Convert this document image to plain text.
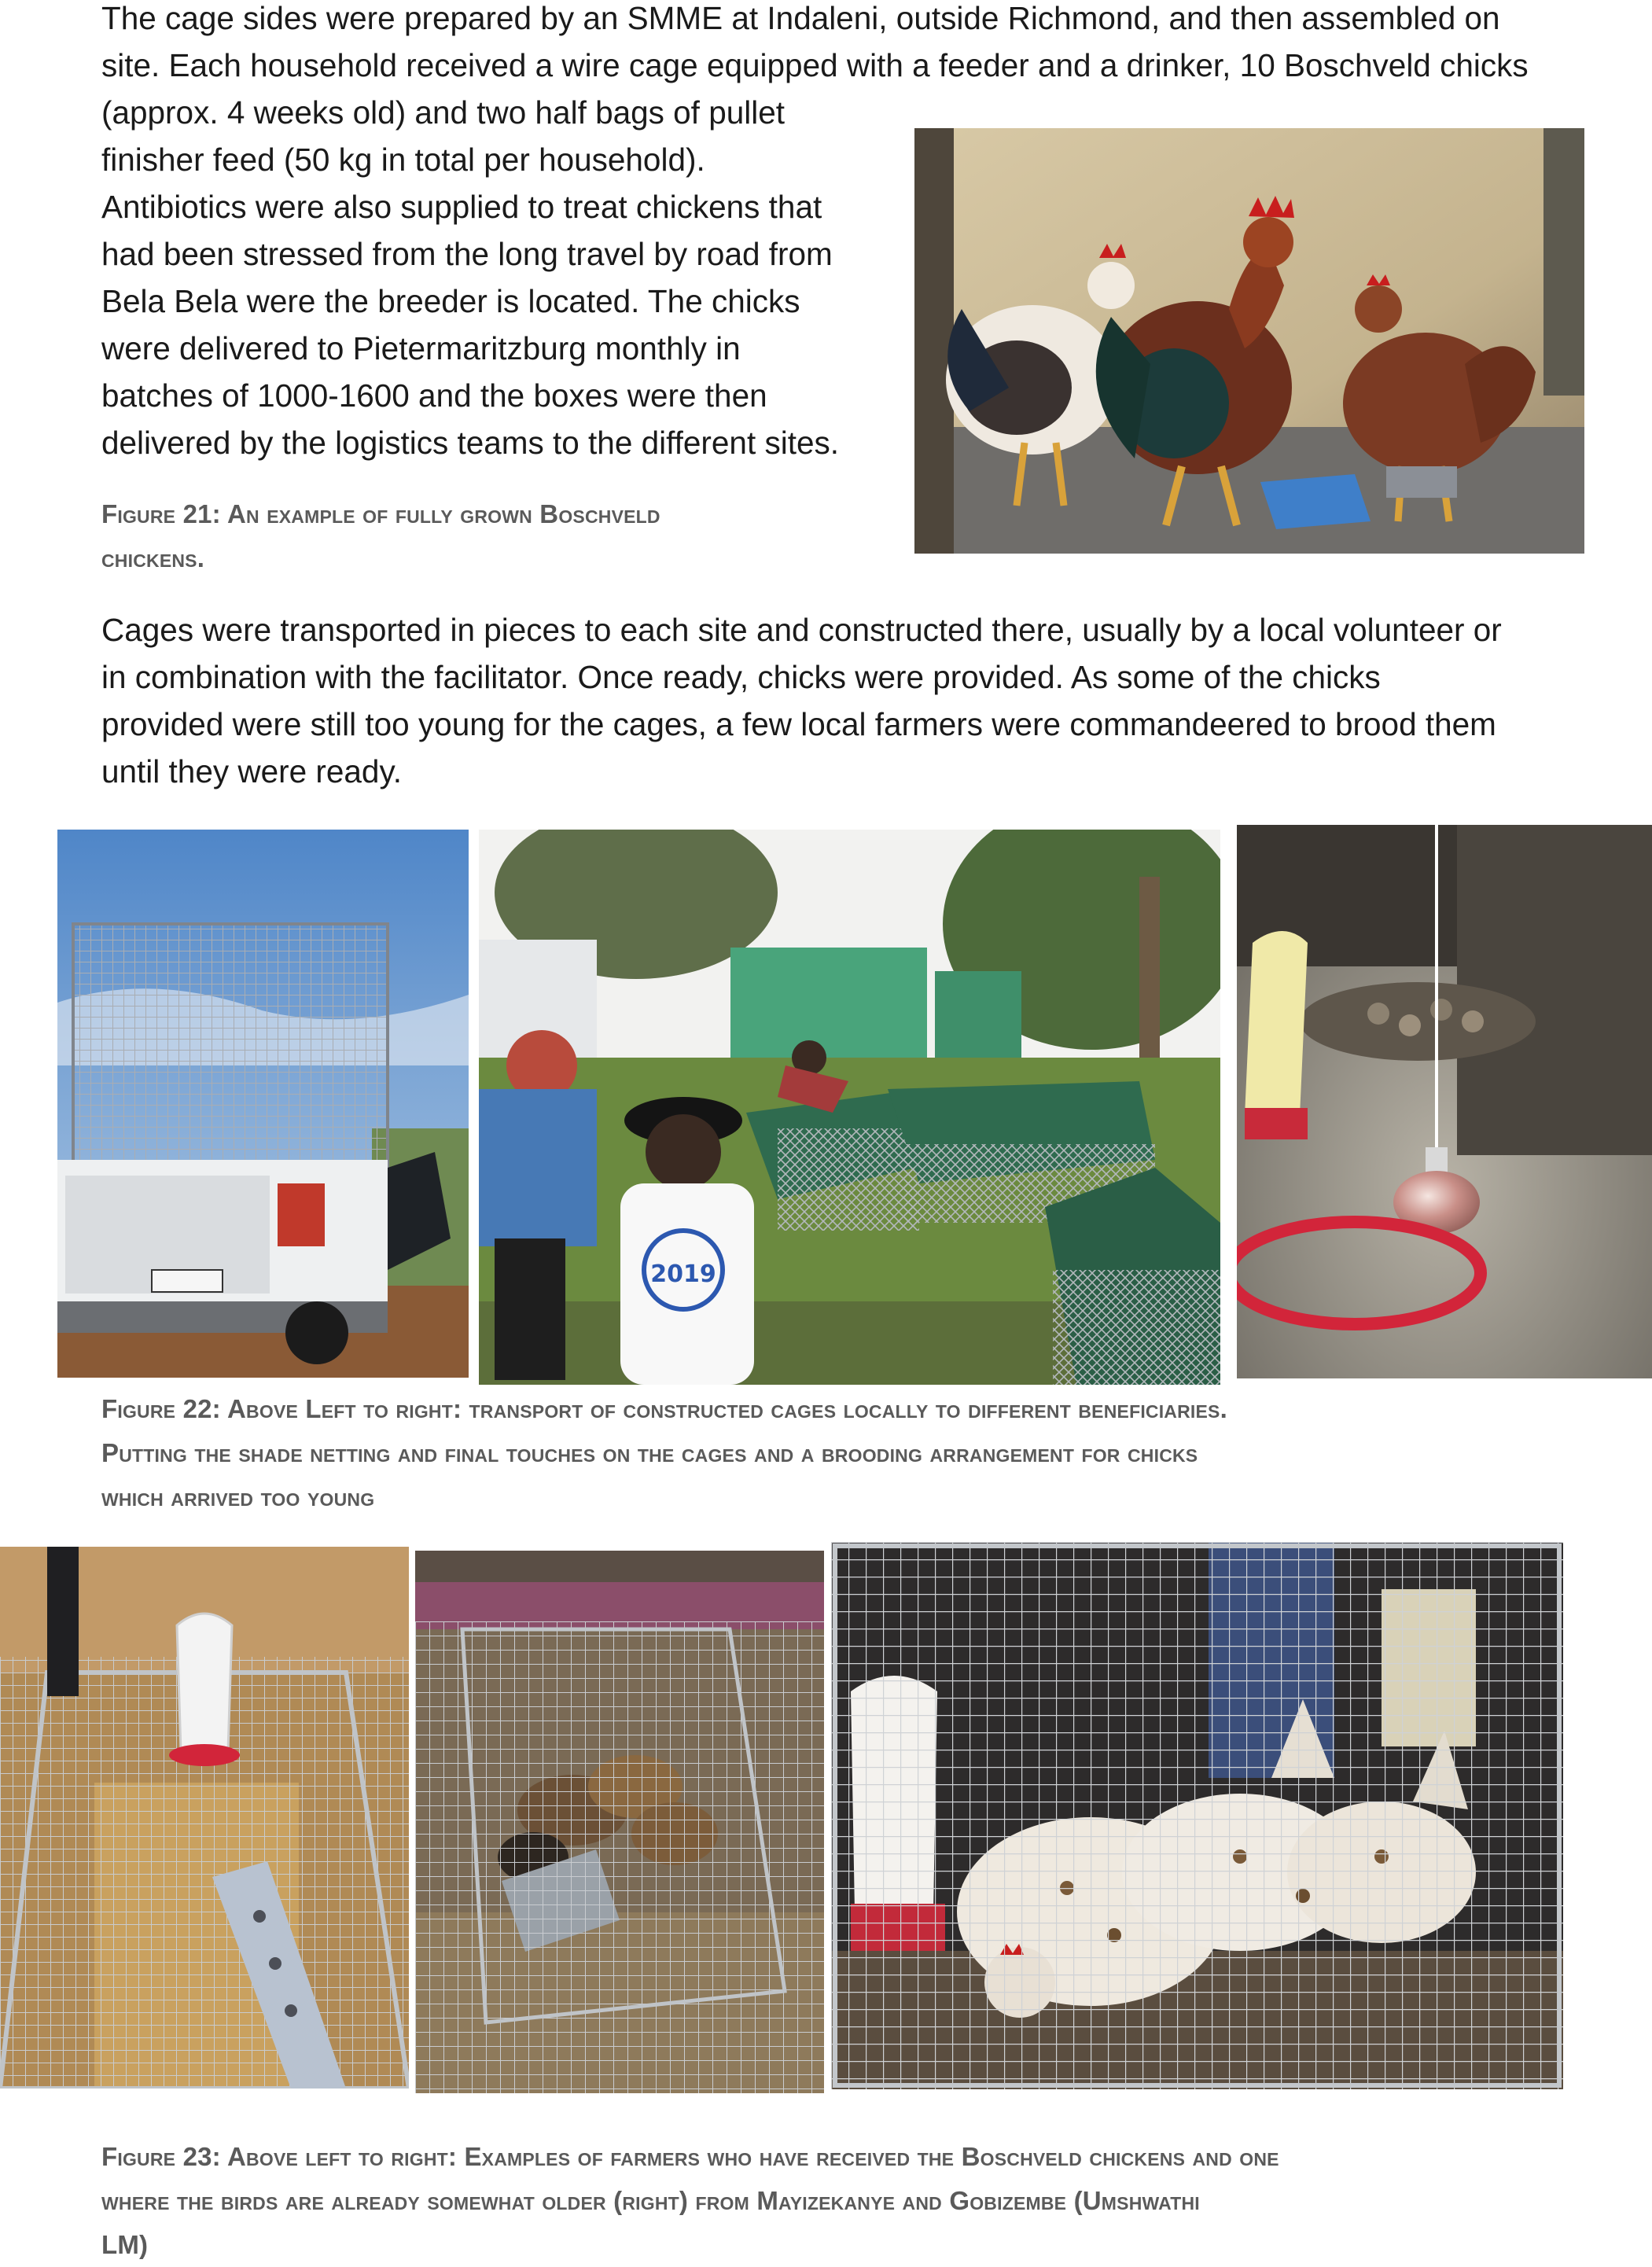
The cage sides were prepared by an SMME at Indaleni, outside Richmond, and then assembled on
site. Each household received a wire cage equipped with a feeder and a drinker, 10 Boschveld chicks

(approx. 4 weeks old) and two half bags of pullet
finisher feed (50 kg in total per household).
Antibiotics were also supplied to treat chickens that
had been stressed from the long travel by road from
Bela Bela were the breeder is located. The chicks
were delivered to Pietermaritzburg monthly in
batches of 1000-1600 and the boxes were then
delivered by the logistics teams to the different sites.

Figure 21: An example of fully grown Boschveld
chickens.

Cages were transported in pieces to each site and constructed there, usually by a local volunteer or
in combination with the facilitator. Once ready, chicks were provided. As some of the chicks
provided were still too young for the cages, a few local farmers were commandeered to brood them
until they were ready.

2019

Figure 22: Above Left to right: transport of constructed cages locally to different beneficiaries.
Putting the shade netting and final touches on the cages and a brooding arrangement for chicks
which arrived too young

Figure 23: Above left to right: Examples of farmers who have received the Boschveld chickens and one
where the birds are already somewhat older (right) from Mayizekanye and Gobizembe (Umshwathi
LM)
